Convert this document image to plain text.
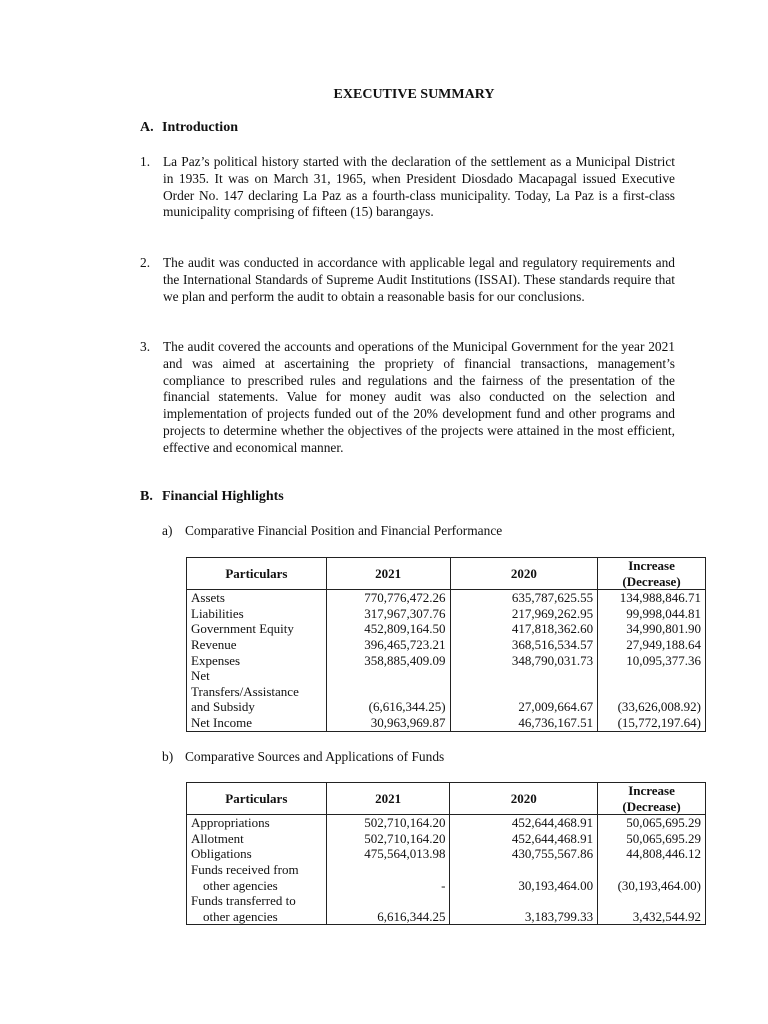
EXECUTIVE SUMMARY
A. Introduction
1. La Paz’s political history started with the declaration of the settlement as a Municipal District in 1935. It was on March 31, 1965, when President Diosdado Macapagal issued Executive Order No. 147 declaring La Paz as a fourth-class municipality. Today, La Paz is a first-class municipality comprising of fifteen (15) barangays.
2. The audit was conducted in accordance with applicable legal and regulatory requirements and the International Standards of Supreme Audit Institutions (ISSAI). These standards require that we plan and perform the audit to obtain a reasonable basis for our conclusions.
3. The audit covered the accounts and operations of the Municipal Government for the year 2021 and was aimed at ascertaining the propriety of financial transactions, management’s compliance to prescribed rules and regulations and the fairness of the presentation of the financial statements. Value for money audit was also conducted on the selection and implementation of projects funded out of the 20% development fund and other programs and projects to determine whether the objectives of the projects were attained in the most efficient, effective and economical manner.
B. Financial Highlights
a) Comparative Financial Position and Financial Performance
Particulars	2021	2020	Increase
(Decrease)

Assets	770,776,472.26	635,787,625.55	134,988,846.71
Liabilities	317,967,307.76	217,969,262.95	99,998,044.81
Government Equity	452,809,164.50	417,818,362.60	34,990,801.90
Revenue	396,465,723.21	368,516,534.57	27,949,188.64
Expenses	358,885,409.09	348,790,031.73	10,095,377.36

Net
Transfers/Assistance
and Subsidy	(6,616,344.25)	27,009,664.67	(33,626,008.92)
Net Income	30,963,969.87	46,736,167.51	(15,772,197.64)
b) Comparative Sources and Applications of Funds
Particulars	2021	2020	Increase
(Decrease)

Appropriations	502,710,164.20	452,644,468.91	50,065,695.29
Allotment	502,710,164.20	452,644,468.91	50,065,695.29
Obligations	475,564,013.98	430,755,567.86	44,808,446.12

Funds received from
other agencies	-	30,193,464.00	(30,193,464.00)

Funds transferred to
other agencies	6,616,344.25	3,183,799.33	3,432,544.92
